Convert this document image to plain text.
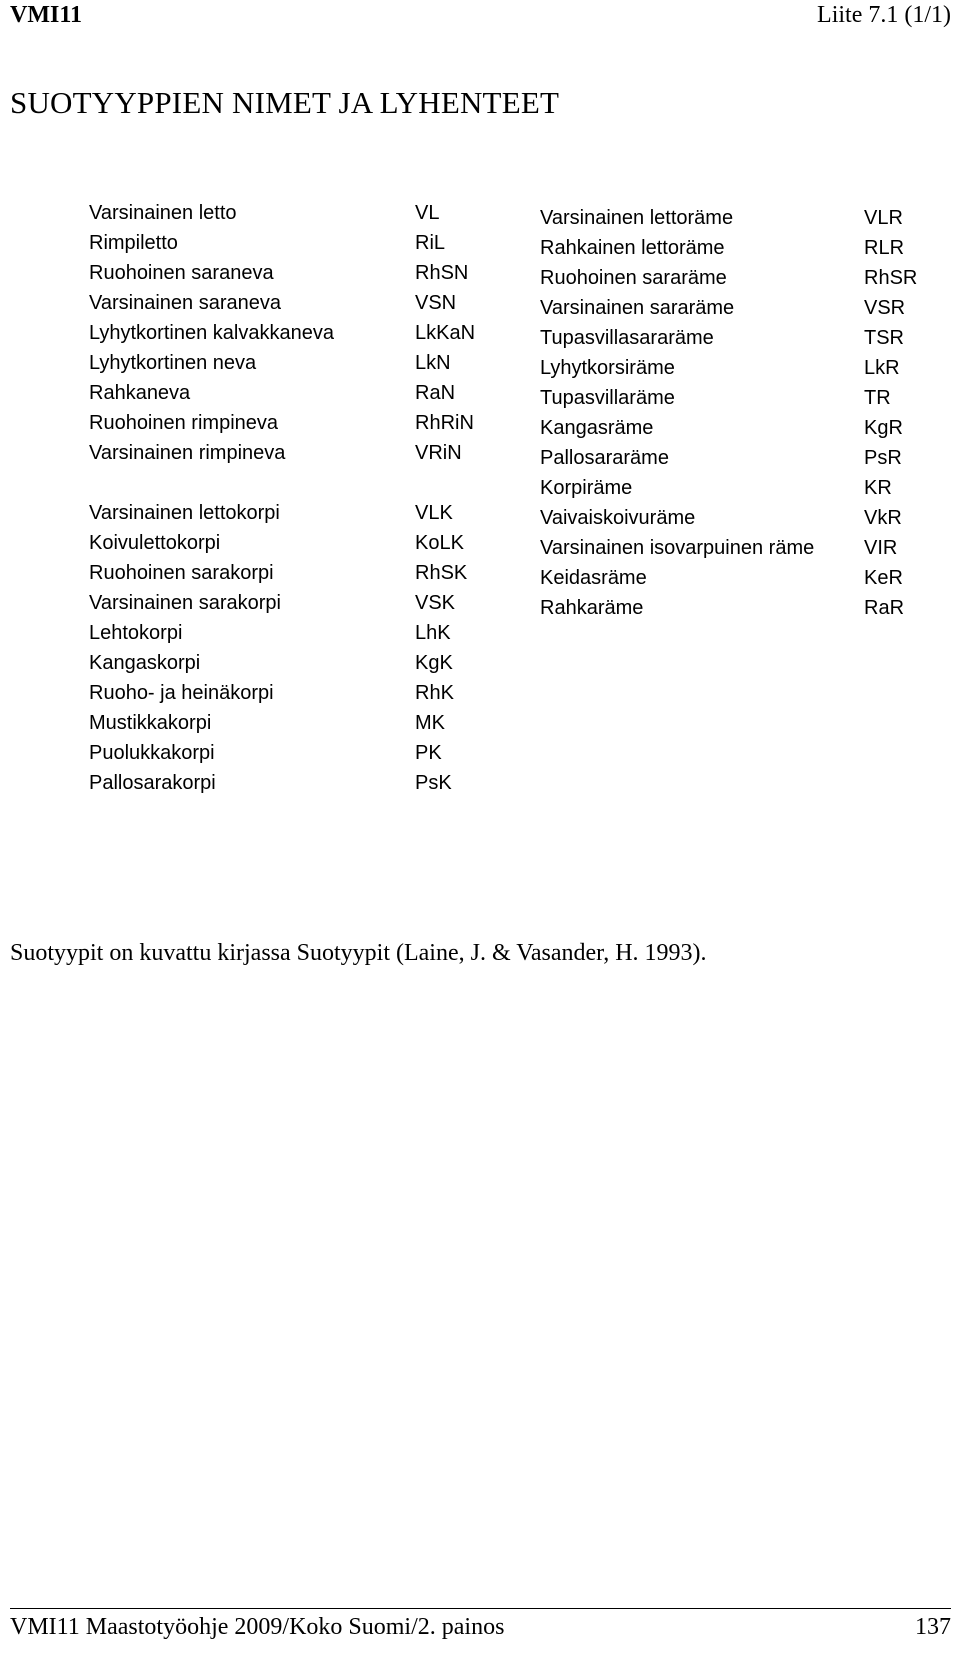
VMI11	Liite 7.1 (1/1)
SUOTYYPPIEN NIMET JA LYHENTEET
Varsinainen letto	VL
Rimpiletto	RiL
Ruohoinen saraneva	RhSN
Varsinainen saraneva	VSN
Lyhytkortinen kalvakkaneva	LkKaN
Lyhytkortinen neva	LkN
Rahkaneva	RaN
Ruohoinen rimpineva	RhRiN
Varsinainen rimpineva	VRiN
Varsinainen lettokorpi	VLK
Koivulettokorpi	KoLK
Ruohoinen sarakorpi	RhSK
Varsinainen sarakorpi	VSK
Lehtokorpi	LhK
Kangaskorpi	KgK
Ruoho- ja heinäkorpi	RhK
Mustikkakorpi	MK
Puolukkakorpi	PK
Pallosarakorpi	PsK
Varsinainen lettoräme	VLR
Rahkainen lettoräme	RLR
Ruohoinen sararäme	RhSR
Varsinainen sararäme	VSR
Tupasvillasararäme	TSR
Lyhytkorsiräme	LkR
Tupasvillaräme	TR
Kangasräme	KgR
Pallosararäme	PsR
Korpiräme	KR
Vaivaiskoivuräme	VkR
Varsinainen isovarpuinen räme VIR
Keidasräme	KeR
Rahkaräme	RaR
Suotyypit on kuvattu kirjassa Suotyypit (Laine, J. & Vasander, H. 1993).
VMI11 Maastotyöohje 2009/Koko Suomi/2. painos	137
